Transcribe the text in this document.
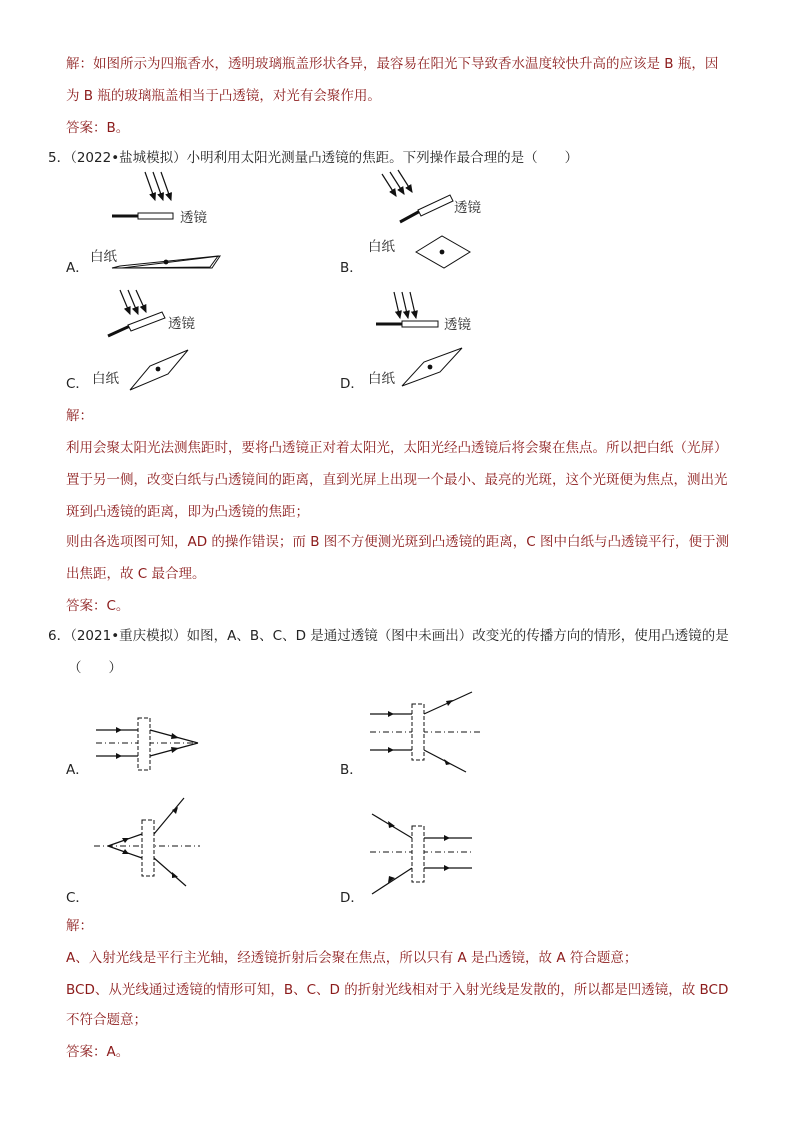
解：如图所示为四瓶香水，透明玻璃瓶盖形状各异，最容易在阳光下导致香水温度较快升高的应该是 B 瓶，因
为 B 瓶的玻璃瓶盖相当于凸透镜，对光有会聚作用。
答案：B。
5．（2022•盐城模拟）小明利用太阳光测量凸透镜的焦距。下列操作最合理的是（　　）
透镜
白纸
A．
透镜
白纸
B．
透镜
C． 白纸
透镜
D． 白纸
解：
利用会聚太阳光法测焦距时，要将凸透镜正对着太阳光，太阳光经凸透镜后将会聚在焦点。所以把白纸（光屏）
置于另一侧，改变白纸与凸透镜间的距离，直到光屏上出现一个最小、最亮的光斑，这个光斑便为焦点，测出光
斑到凸透镜的距离，即为凸透镜的焦距；
则由各选项图可知，AD 的操作错误；而 B 图不方便测光斑到凸透镜的距离，C 图中白纸与凸透镜平行，便于测
出焦距，故 C 最合理。
答案：C。
6．（2021•重庆模拟）如图，A、B、C、D 是通过透镜（图中未画出）改变光的传播方向的情形，使用凸透镜的是
（　　）
A．	B．
C．	D．
解：
A、入射光线是平行主光轴，经透镜折射后会聚在焦点，所以只有 A 是凸透镜，故 A 符合题意；
BCD、从光线通过透镜的情形可知，B、C、D 的折射光线相对于入射光线是发散的，所以都是凹透镜，故 BCD
不符合题意；
答案：A。
